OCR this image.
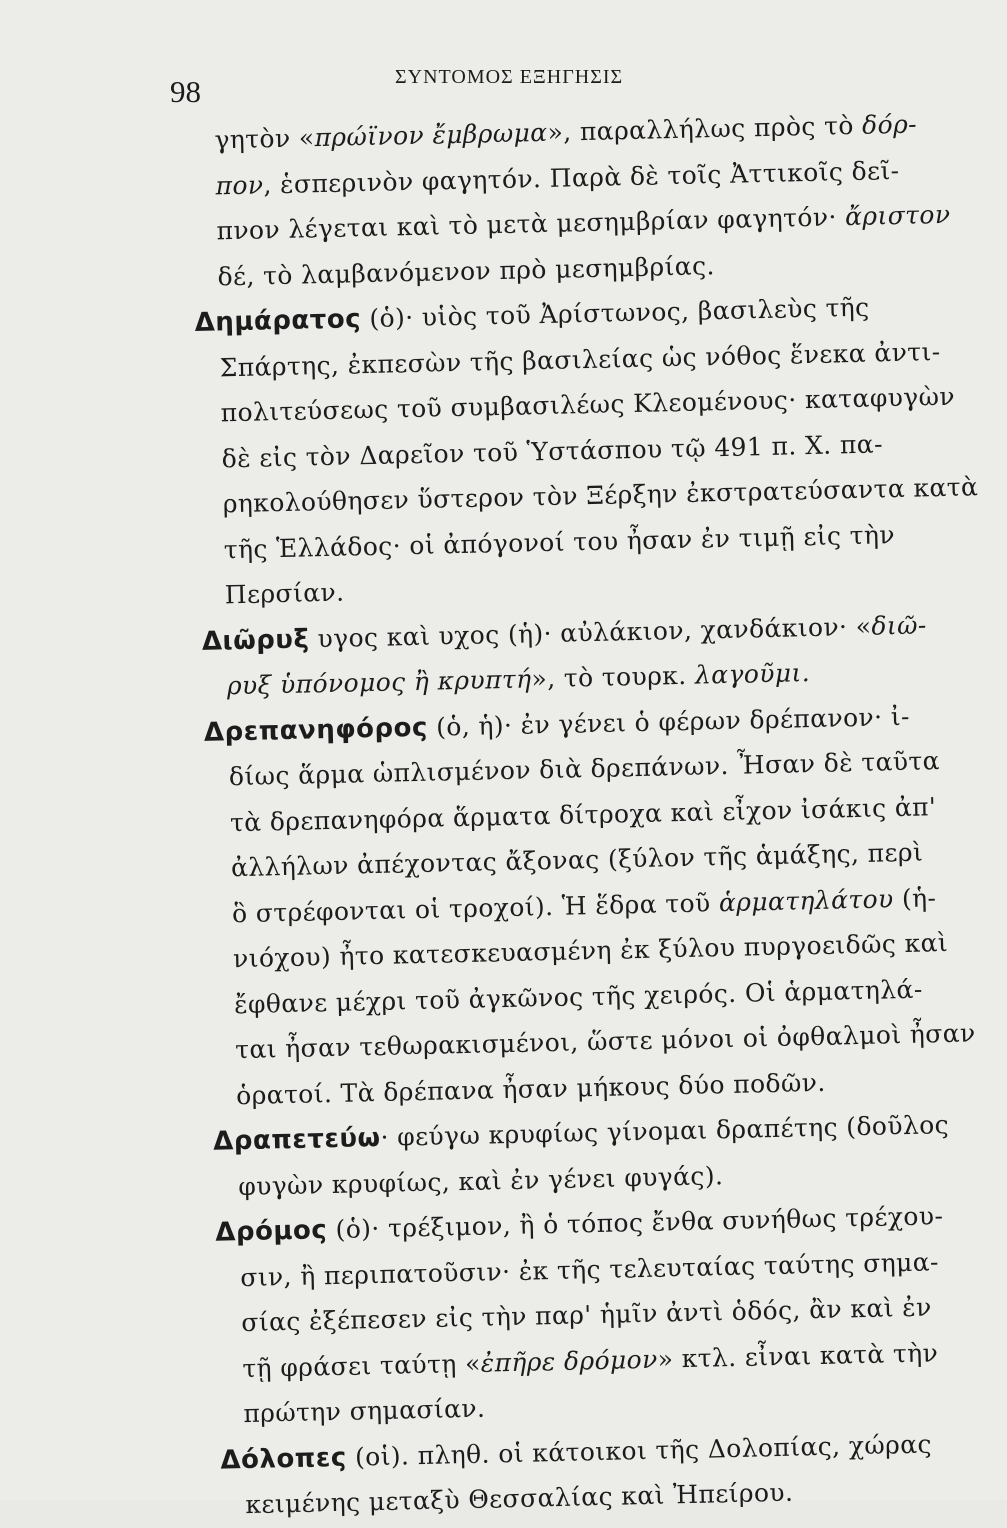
98	ΣΥΝΤΟΜΟΣ ΕΞΗΓΗΣΙΣ
γητὸν «πρώϊνον ἔμβρωμα», παραλλήλως πρὸς τὸ δόρ-
πον, ἑσπερινὸν φαγητόν. Παρὰ δὲ τοῖς Ἀττικοῖς δεῖ-
πνον λέγεται καὶ τὸ μετὰ μεσημβρίαν φαγητόν· ἄριστον
δέ, τὸ λαμβανόμενον πρὸ μεσημβρίας.
Δημάρατος (ὁ)· υἱὸς τοῦ Ἀρίστωνος, βασιλεὺς τῆς
Σπάρτης, ἐκπεσὼν τῆς βασιλείας ὡς νόθος ἕνεκα ἀντι-
πολιτεύσεως τοῦ συμβασιλέως Κλεομένους· καταφυγὼν
δὲ εἰς τὸν Δαρεῖον τοῦ Ὑστάσπου τῷ 491 π. Χ. πα-
ρηκολούθησεν ὕστερον τὸν Ξέρξην ἐκστρατεύσαντα κατὰ
τῆς Ἑλλάδος· οἱ ἀπόγονοί του ἦσαν ἐν τιμῇ εἰς τὴν
Περσίαν.
Διῶρυξ υγος καὶ υχος (ἡ)· αὐλάκιον, χανδάκιον· «διῶ-
ρυξ ὑπόνομος ἢ κρυπτή», τὸ τουρκ. λαγοῦμι.
Δρεπανηφόρος (ὁ, ἡ)· ἐν γένει ὁ φέρων δρέπανον· ἰ-
δίως ἅρμα ὡπλισμένον διὰ δρεπάνων. Ἦσαν δὲ ταῦτα
τὰ δρεπανηφόρα ἅρματα δίτροχα καὶ εἶχον ἰσάκις ἀπ'
ἀλλήλων ἀπέχοντας ἄξονας (ξύλον τῆς ἁμάξης, περὶ
ὃ στρέφονται οἱ τροχοί). Ἡ ἕδρα τοῦ ἁρματηλάτου (ἡ-
νιόχου) ἦτο κατεσκευασμένη ἐκ ξύλου πυργοειδῶς καὶ
ἔφθανε μέχρι τοῦ ἀγκῶνος τῆς χειρός. Οἱ ἁρματηλά-
ται ἦσαν τεθωρακισμένοι, ὥστε μόνοι οἱ ὀφθαλμοὶ ἦσαν
ὁρατοί. Τὰ δρέπανα ἦσαν μήκους δύο ποδῶν.
Δραπετεύω· φεύγω κρυφίως γίνομαι δραπέτης (δοῦλος
φυγὼν κρυφίως, καὶ ἐν γένει φυγάς).
Δρόμος (ὁ)· τρέξιμον, ἢ ὁ τόπος ἔνθα συνήθως τρέχου-
σιν, ἢ περιπατοῦσιν· ἐκ τῆς τελευταίας ταύτης σημα-
σίας ἐξέπεσεν εἰς τὴν παρ' ἡμῖν ἀντὶ ὁδός, ἂν καὶ ἐν
τῇ φράσει ταύτῃ «ἐπῆρε δρόμον» κτλ. εἶναι κατὰ τὴν
πρώτην σημασίαν.
Δόλοπες (οἱ). πληθ. οἱ κάτοικοι τῆς Δολοπίας, χώρας
κειμένης μεταξὺ Θεσσαλίας καὶ Ἠπείρου.
